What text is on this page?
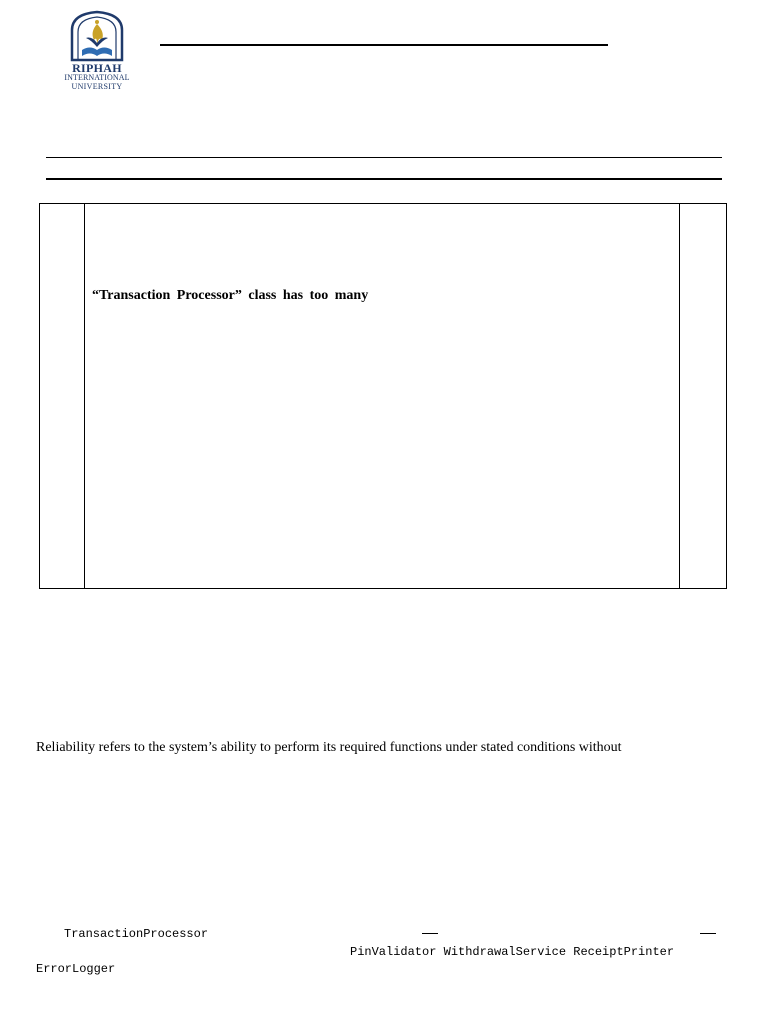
RIPHAH
INTERNATIONAL
UNIVERSITY
“Transaction Processor” class has too many
Reliability refers to the system’s ability to perform its required functions under stated conditions without
TransactionProcessor
PinValidator WithdrawalService ReceiptPrinter
ErrorLogger
